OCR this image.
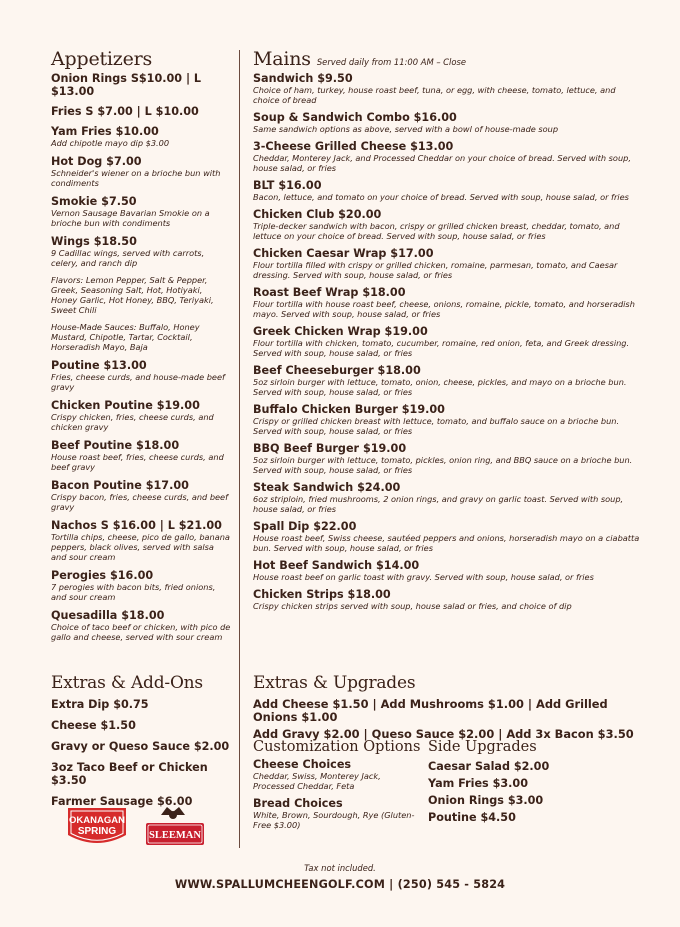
Appetizers
Onion Rings S$10.00 | L $13.00
Fries S $7.00 | L $10.00
Yam Fries $10.00
Add chipotle mayo dip $3.00
Hot Dog $7.00
Schneider's wiener on a brioche bun with condiments
Smokie $7.50
Vernon Sausage Bavarian Smokie on a brioche bun with condiments
Wings $18.50
9 Cadillac wings, served with carrots, celery, and ranch dip
Flavors: Lemon Pepper, Salt & Pepper, Greek, Seasoning Salt, Hot, Hotiyaki, Honey Garlic, Hot Honey, BBQ, Teriyaki, Sweet Chili
House-Made Sauces: Buffalo, Honey Mustard, Chipotle, Tartar, Cocktail, Horseradish Mayo, Baja
Poutine $13.00
Fries, cheese curds, and house-made beef gravy
Chicken Poutine $19.00
Crispy chicken, fries, cheese curds, and chicken gravy
Beef Poutine $18.00
House roast beef, fries, cheese curds, and beef gravy
Bacon Poutine $17.00
Crispy bacon, fries, cheese curds, and beef gravy
Nachos S $16.00 | L $21.00
Tortilla chips, cheese, pico de gallo, banana peppers, black olives, served with salsa and sour cream
Perogies $16.00
7 perogies with bacon bits, fried onions, and sour cream
Quesadilla $18.00
Choice of taco beef or chicken, with pico de gallo and cheese, served with sour cream
Mains Served daily from 11:00 AM – Close
Sandwich $9.50
Choice of ham, turkey, house roast beef, tuna, or egg, with cheese, tomato, lettuce, and choice of bread
Soup & Sandwich Combo $16.00
Same sandwich options as above, served with a bowl of house-made soup
3-Cheese Grilled Cheese $13.00
Cheddar, Monterey Jack, and Processed Cheddar on your choice of bread. Served with soup, house salad, or fries
BLT $16.00
Bacon, lettuce, and tomato on your choice of bread. Served with soup, house salad, or fries
Chicken Club $20.00
Triple-decker sandwich with bacon, crispy or grilled chicken breast, cheddar, tomato, and lettuce on your choice of bread. Served with soup, house salad, or fries
Chicken Caesar Wrap $17.00
Flour tortilla filled with crispy or grilled chicken, romaine, parmesan, tomato, and Caesar dressing. Served with soup, house salad, or fries
Roast Beef Wrap $18.00
Flour tortilla with house roast beef, cheese, onions, romaine, pickle, tomato, and horseradish mayo. Served with soup, house salad, or fries
Greek Chicken Wrap $19.00
Flour tortilla with chicken, tomato, cucumber, romaine, red onion, feta, and Greek dressing. Served with soup, house salad, or fries
Beef Cheeseburger $18.00
5oz sirloin burger with lettuce, tomato, onion, cheese, pickles, and mayo on a brioche bun. Served with soup, house salad, or fries
Buffalo Chicken Burger $19.00
Crispy or grilled chicken breast with lettuce, tomato, and buffalo sauce on a brioche bun. Served with soup, house salad, or fries
BBQ Beef Burger $19.00
5oz sirloin burger with lettuce, tomato, pickles, onion ring, and BBQ sauce on a brioche bun. Served with soup, house salad, or fries
Steak Sandwich $24.00
6oz striploin, fried mushrooms, 2 onion rings, and gravy on garlic toast. Served with soup, house salad, or fries
Spall Dip $22.00
House roast beef, Swiss cheese, sautéed peppers and onions, horseradish mayo on a ciabatta bun. Served with soup, house salad, or fries
Hot Beef Sandwich $14.00
House roast beef on garlic toast with gravy. Served with soup, house salad, or fries
Chicken Strips $18.00
Crispy chicken strips served with soup, house salad or fries, and choice of dip
Extras & Add-Ons
Extra Dip $0.75
Cheese $1.50
Gravy or Queso Sauce $2.00
3oz Taco Beef or Chicken $3.50
Farmer Sausage $6.00
Extras & Upgrades
Add Cheese $1.50 | Add Mushrooms $1.00 | Add Grilled Onions $1.00
Add Gravy $2.00 | Queso Sauce $2.00 | Add 3x Bacon $3.50
Customization Options
Cheese Choices
Cheddar, Swiss, Monterey Jack, Processed Cheddar, Feta
Bread Choices
White, Brown, Sourdough, Rye (Gluten-Free $3.00)
Side Upgrades
Caesar Salad $2.00
Yam Fries $3.00
Onion Rings $3.00
Poutine $4.50
OKANAGAN
SPRING	SLEEMAN
Tax not included.
WWW.SPALLUMCHEENGOLF.COM | (250) 545 - 5824
